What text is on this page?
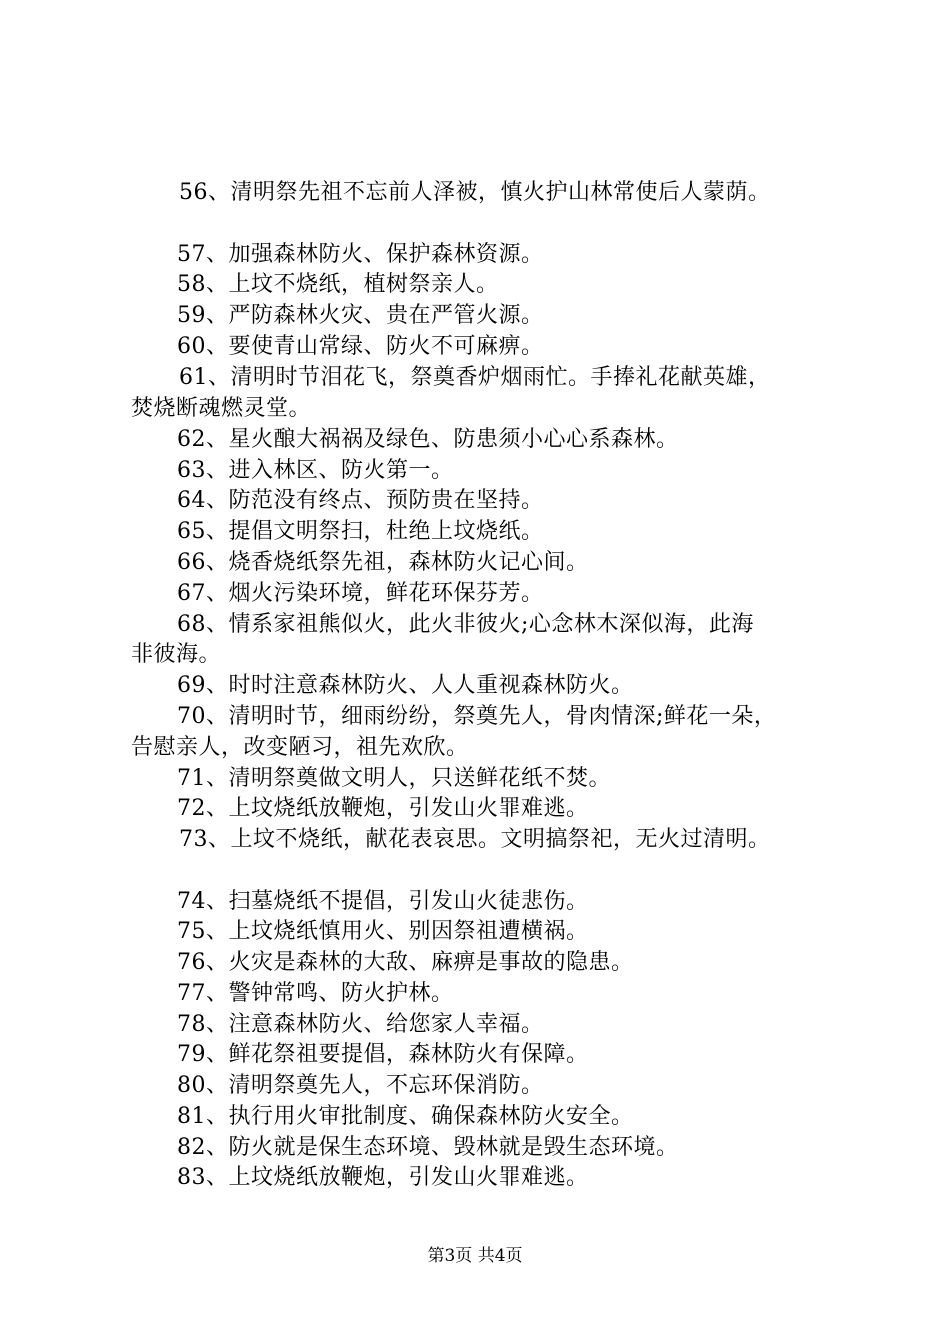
56、清明祭先祖不忘前人泽被，慎火护山林常使后人蒙荫。
57、加强森林防火、保护森林资源。
58、上坟不烧纸，植树祭亲人。
59、严防森林火灾、贵在严管火源。
60、要使青山常绿、防火不可麻痹。
61、清明时节泪花飞，祭奠香炉烟雨忙。手捧礼花献英雄，
焚烧断魂燃灵堂。
62、星火酿大祸祸及绿色、防患须小心心系森林。
63、进入林区、防火第一。
64、防范没有终点、预防贵在坚持。
65、提倡文明祭扫，杜绝上坟烧纸。
66、烧香烧纸祭先祖，森林防火记心间。
67、烟火污染环境，鲜花环保芬芳。
68、情系家祖熊似火，此火非彼火;心念林木深似海，此海
非彼海。
69、时时注意森林防火、人人重视森林防火。
70、清明时节，细雨纷纷，祭奠先人，骨肉情深;鲜花一朵，
告慰亲人，改变陋习，祖先欢欣。
71、清明祭奠做文明人，只送鲜花纸不焚。
72、上坟烧纸放鞭炮，引发山火罪难逃。
73、上坟不烧纸，献花表哀思。文明搞祭祀，无火过清明。
74、扫墓烧纸不提倡，引发山火徒悲伤。
75、上坟烧纸慎用火、别因祭祖遭横祸。
76、火灾是森林的大敌、麻痹是事故的隐患。
77、警钟常鸣、防火护林。
78、注意森林防火、给您家人幸福。
79、鲜花祭祖要提倡，森林防火有保障。
80、清明祭奠先人，不忘环保消防。
81、执行用火审批制度、确保森林防火安全。
82、防火就是保生态环境、毁林就是毁生态环境。
83、上坟烧纸放鞭炮，引发山火罪难逃。
第3页 共4页
